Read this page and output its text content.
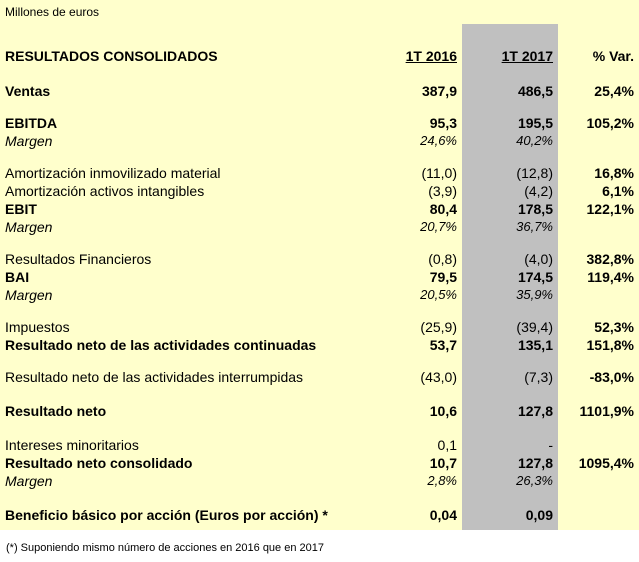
Millones de euros
RESULTADOS CONSOLIDADOS	1T 2016	1T 2017	% Var.

Ventas	387,9	486,5	25,4%

EBITDA	95,3	195,5	105,2%
Margen	24,6%	40,2%	

Amortización inmovilizado material	(11,0)	(12,8)	16,8%
Amortización activos intangibles	(3,9)	(4,2)	6,1%
EBIT	80,4	178,5	122,1%
Margen	20,7%	36,7%	

Resultados Financieros	(0,8)	(4,0)	382,8%
BAI	79,5	174,5	119,4%
Margen	20,5%	35,9%	

Impuestos	(25,9)	(39,4)	52,3%
Resultado neto de las actividades continuadas	53,7	135,1	151,8%

Resultado neto de las actividades interrumpidas	(43,0)	(7,3)	-83,0%

Resultado neto	10,6	127,8	1101,9%

Intereses minoritarios	0,1	-	
Resultado neto consolidado	10,7	127,8	1095,4%
Margen	2,8%	26,3%	

Beneficio básico por acción (Euros por acción) *	0,04	0,09	

(*) Suponiendo mismo número de acciones en 2016 que en 2017
